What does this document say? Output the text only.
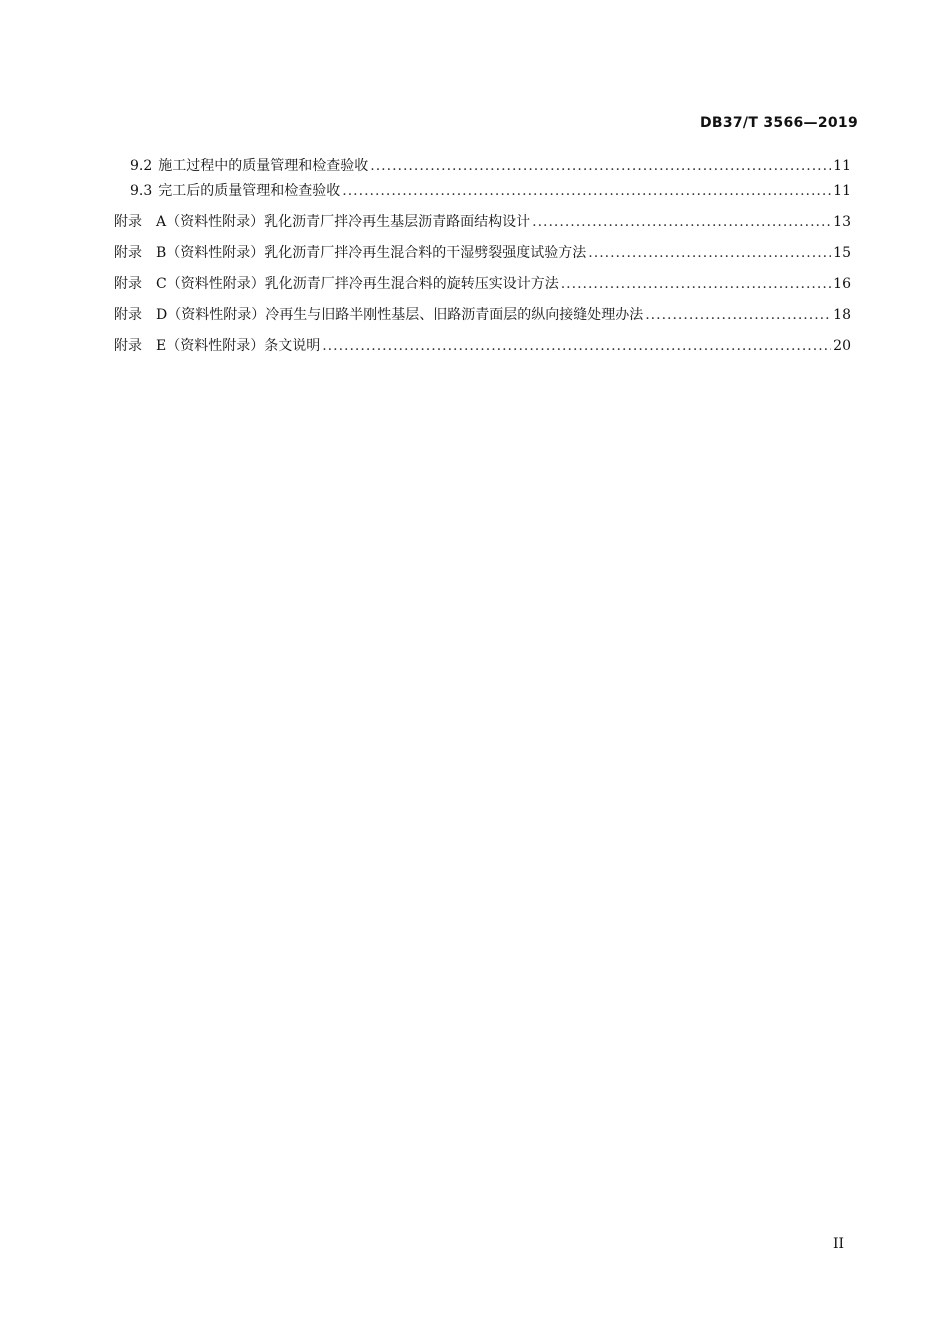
DB37/T 3566—2019
9.2 施工过程中的质量管理和检查验收 .....	11
9.3 完工后的质量管理和检查验收 .....	11
附 录 A （资料性附录） 乳化沥青厂拌冷再生基层沥青路面结构设计 .....	13
附 录 B （资料性附录） 乳化沥青厂拌冷再生混合料的干湿劈裂强度试验方法 .....	15
附 录 C （资料性附录） 乳化沥青厂拌冷再生混合料的旋转压实设计方法 .....	16
附 录 D （资料性附录） 冷再生与旧路半刚性基层、旧路沥青面层的纵向接缝处理办法 .....	18
附 录 E （资料性附录） 条文说明 .....	20
II
